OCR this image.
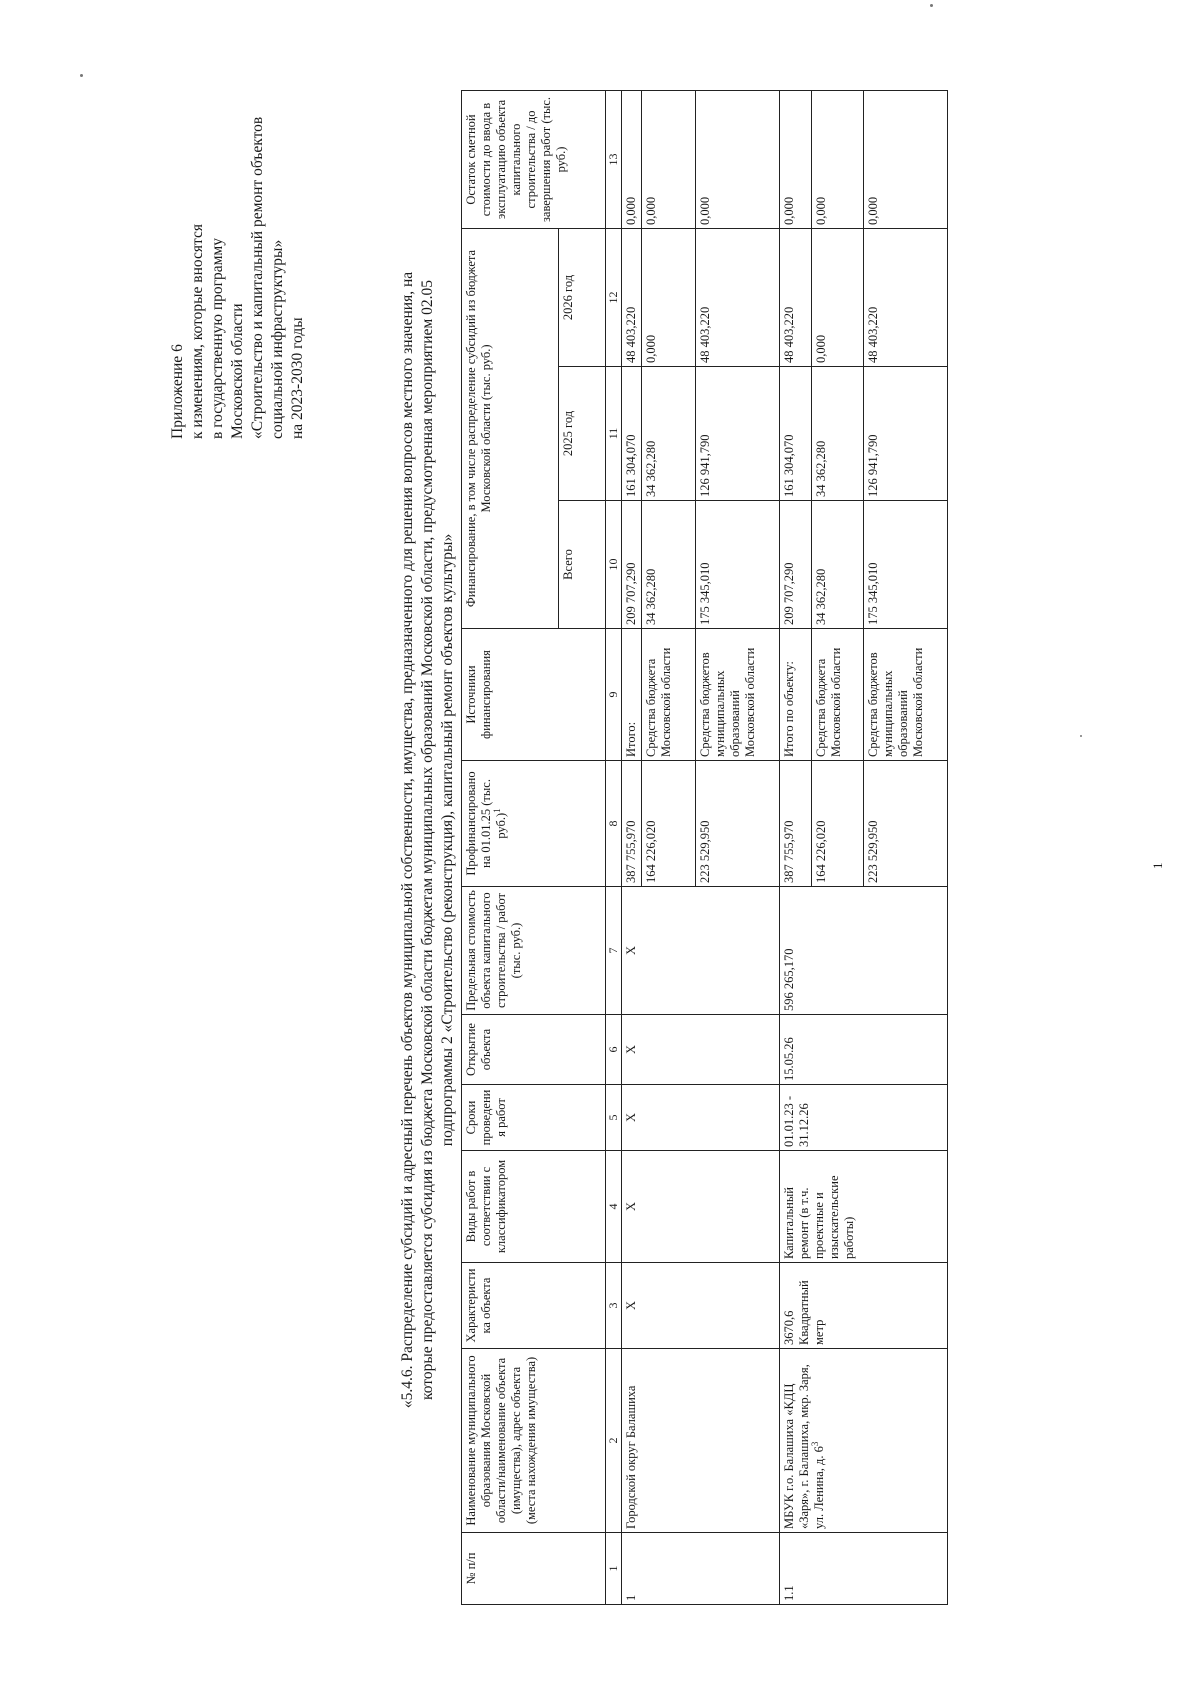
Приложение 6 к изменениям, которые вносятся в государственную программу Московской области «Строительство и капитальный ремонт объектов социальной инфраструктуры» на 2023-2030 годы	«5.4.6. Распределение субсидий и адресный перечень объектов муниципальной собственности, имущества, предназначенного для решения вопросов местного значения, на которые предоставляется субсидия из бюджета Московской области бюджетам муниципальных образований Московской области, предусмотренная мероприятием 02.05 подпрограммы 2 «Строительство (реконструкция), капитальный ремонт объектов культуры»
№ п/п	Наименование муниципального образования Московской области/наименование объекта (имущества), адрес объекта (места нахождения имущества)	Характеристика объекта	Виды работ в соответствии с классификатором	Сроки проведения работ	Открытие объекта	Предельная стоимость объекта капитального строительства / работ (тыс. руб.)	Профинансировано на 01.01.25 (тыс. руб.)$^1$	Источники финансирования	Финансирование, в том числе распределение субсидий из бюджета Московской области (тыс. руб.)			Остаток сметной стоимости до ввода в эксплуатацию объекта капитального строительства / до завершения работ (тыс. руб.)
									Всего	2025 год	2026 год	
1	2	3	4	5	6	7	8	9	10	11	12	13
1	Городской округ Балашиха	Х	Х	Х	Х	Х	387 755,970	Итого:	209 707,290	161 304,070	48 403,220	0,000
							164 226,020	Средства бюджета Московской области	34 362,280	34 362,280	0,000	0,000
							223 529,950	Средства бюджетов муниципальных образований Московской области	175 345,010	126 941,790	48 403,220	0,000
1.1	МБУК г.о. Балашиха «КДЦ «Заря», г. Балашиха, мкр. Заря, ул. Ленина, д. $6^3$	3670,6 Квадратный метр	Капитальный ремонт (в т.ч. проектные и изыскательские работы)	01.01.23 - 31.12.26	15.05.26	596 265,170	387 755,970	Итого по объекту:	209 707,290	161 304,070	48 403,220	0,000
							164 226,020	Средства бюджета Московской области	34 362,280	34 362,280	0,000	0,000
							223 529,950	Средства бюджетов муниципальных образований Московской области	175 345,010	126 941,790	48 403,220	0,000
1
